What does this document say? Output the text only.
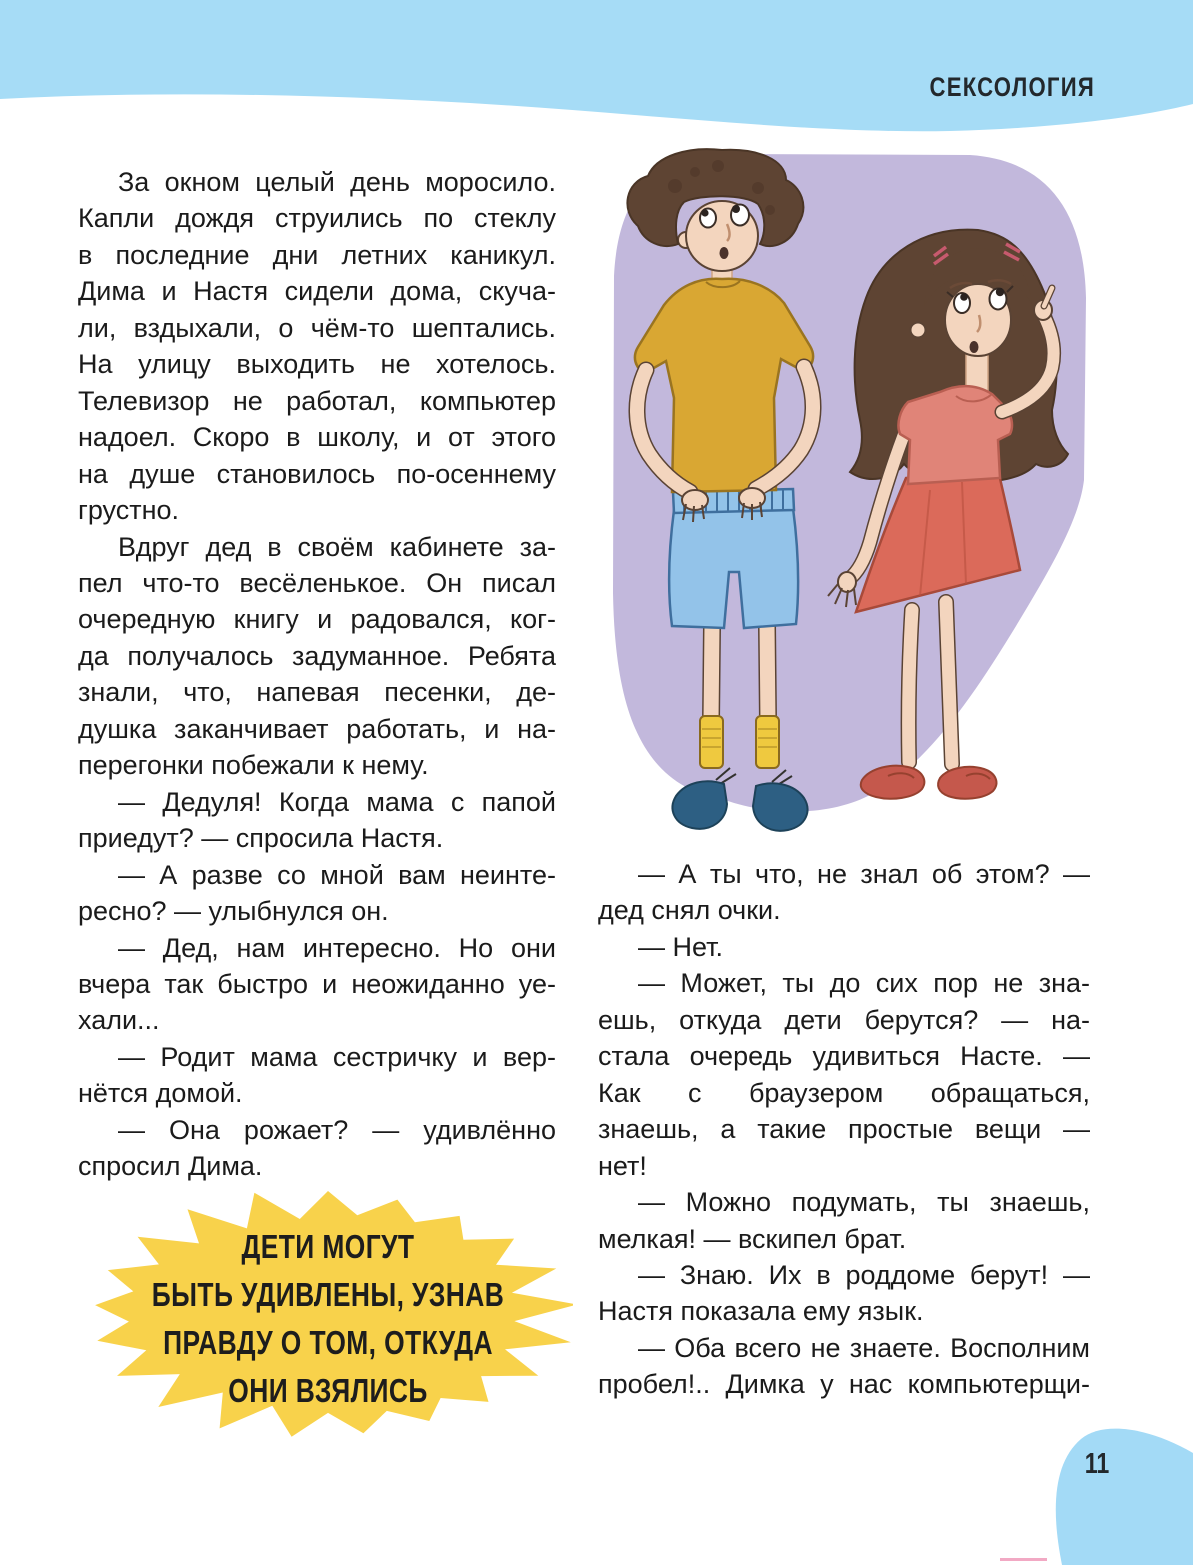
СЕКСОЛОГИЯ
За окном целый день моросило.
Капли дождя струились по стеклу
в последние дни летних каникул.
Дима и Настя сидели дома, скуча-
ли, вздыхали, о чём-то шептались.
На улицу выходить не хотелось.
Телевизор не работал, компьютер
надоел. Скоро в школу, и от этого
на душе становилось по-осеннему
грустно.
Вдруг дед в своём кабинете за-
пел что-то весёленькое. Он писал
очередную книгу и радовался, ког-
да получалось задуманное. Ребята
знали, что, напевая песенки, де-
душка заканчивает работать, и на-
перегонки побежали к нему.
— Дедуля! Когда мама с папой
приедут? — спросила Настя.
— А разве со мной вам неинте-
ресно? — улыбнулся он.
— Дед, нам интересно. Но они
вчера так быстро и неожиданно уе-
хали...
— Родит мама сестричку и вер-
нётся домой.
— Она рожает? — удивлённо
спросил Дима.
— А ты что, не знал об этом? —
дед снял очки.
— Нет.
— Может, ты до сих пор не зна-
ешь, откуда дети берутся? — на-
стала очередь удивиться Насте. —
Как с браузером обращаться,
знаешь, а такие простые вещи —
нет!
— Можно подумать, ты знаешь,
мелкая! — вскипел брат.
— Знаю. Их в роддоме берут! —
Настя показала ему язык.
— Оба всего не знаете. Восполним
пробел!.. Димка у нас компьютерщи-
ДЕТИ МОГУТ
БЫТЬ УДИВЛЕНЫ, УЗНАВ
ПРАВДУ О ТОМ, ОТКУДА
ОНИ ВЗЯЛИСЬ
11
